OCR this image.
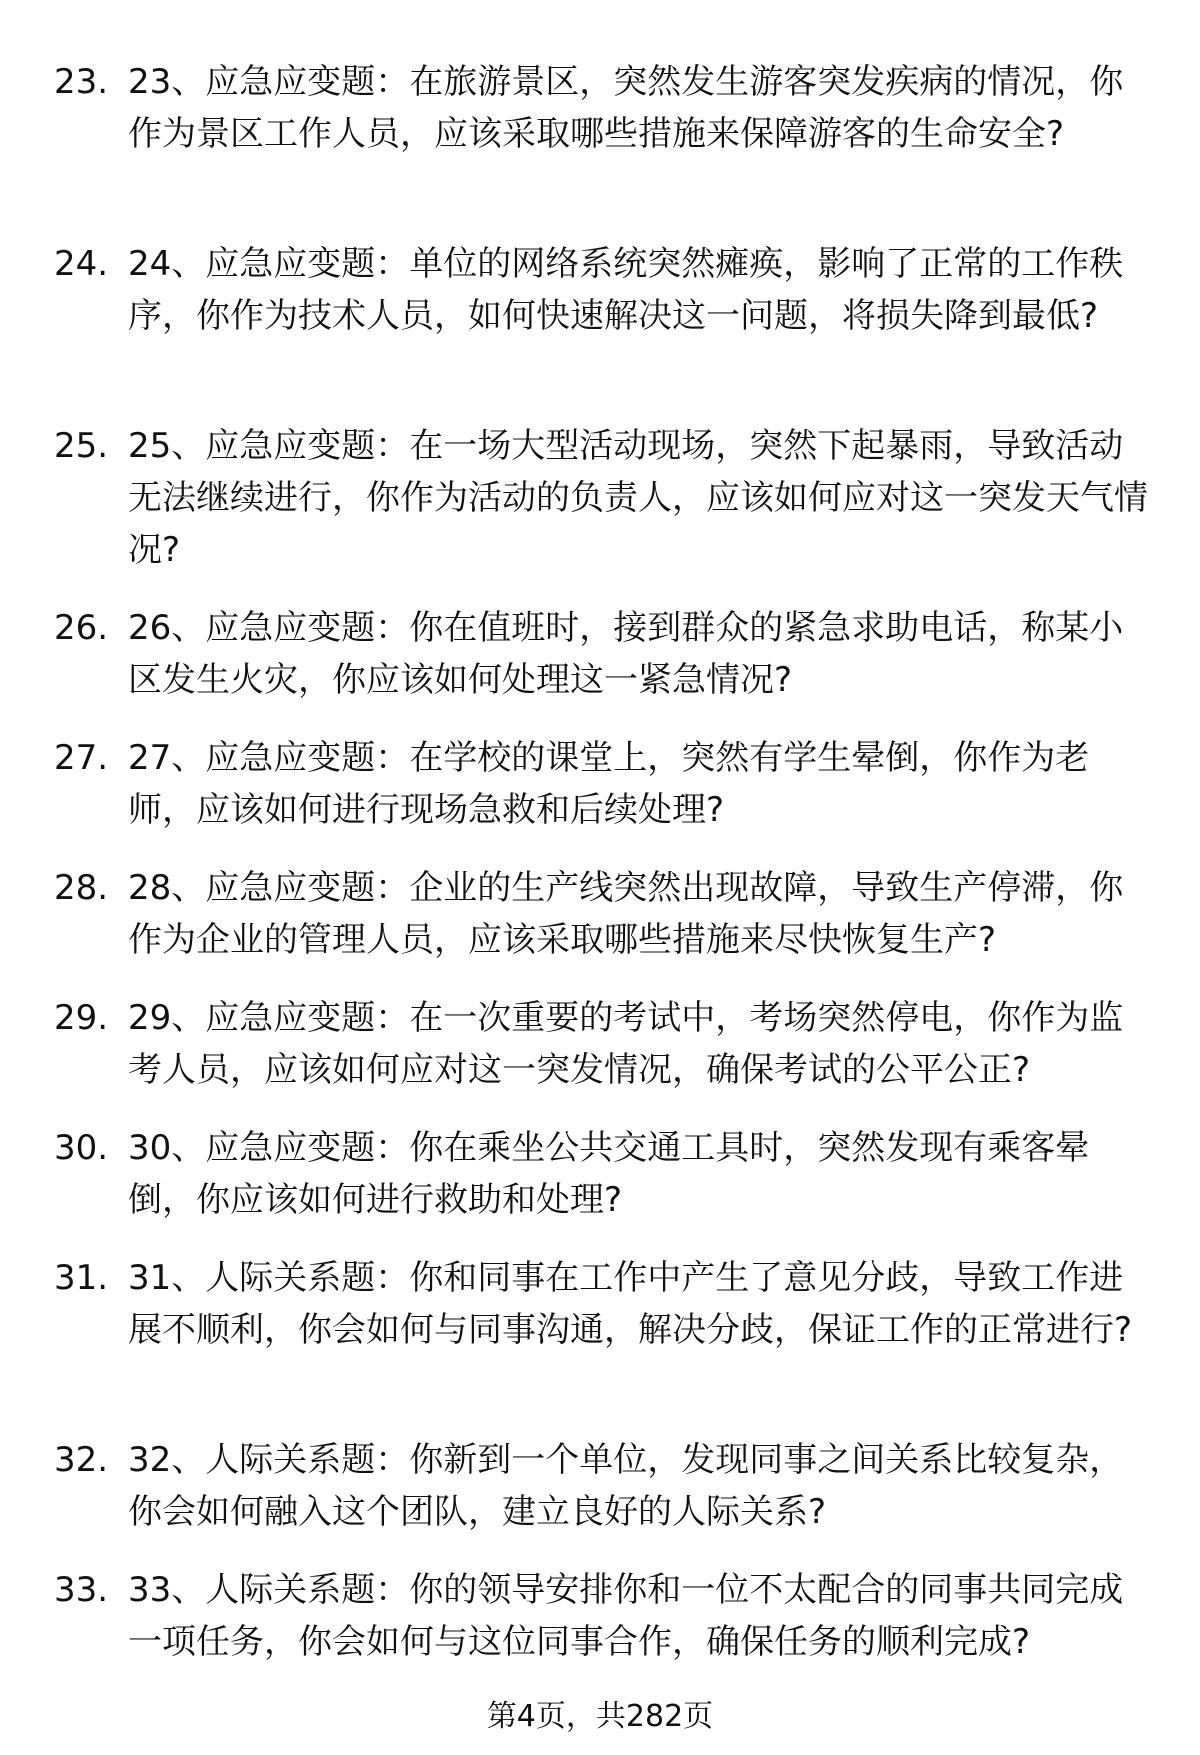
23. 23、应急应变题：在旅游景区，突然发生游客突发疾病的情况，你作为景区工作人员，应该采取哪些措施来保障游客的生命安全?
24. 24、应急应变题：单位的网络系统突然瘫痪，影响了正常的工作秩序，你作为技术人员，如何快速解决这一问题，将损失降到最低?
25. 25、应急应变题：在一场大型活动现场，突然下起暴雨，导致活动无法继续进行，你作为活动的负责人，应该如何应对这一突发天气情况?
26. 26、应急应变题：你在值班时，接到群众的紧急求助电话，称某小区发生火灾，你应该如何处理这一紧急情况?
27. 27、应急应变题：在学校的课堂上，突然有学生晕倒，你作为老师，应该如何进行现场急救和后续处理?
28. 28、应急应变题：企业的生产线突然出现故障，导致生产停滞，你作为企业的管理人员，应该采取哪些措施来尽快恢复生产?
29. 29、应急应变题：在一次重要的考试中，考场突然停电，你作为监考人员，应该如何应对这一突发情况，确保考试的公平公正?
30. 30、应急应变题：你在乘坐公共交通工具时，突然发现有乘客晕倒，你应该如何进行救助和处理?
31. 31、人际关系题：你和同事在工作中产生了意见分歧，导致工作进展不顺利，你会如何与同事沟通，解决分歧，保证工作的正常进行?
32. 32、人际关系题：你新到一个单位，发现同事之间关系比较复杂，你会如何融入这个团队，建立良好的人际关系?
33. 33、人际关系题：你的领导安排你和一位不太配合的同事共同完成一项任务，你会如何与这位同事合作，确保任务的顺利完成?
第4页，共282页
